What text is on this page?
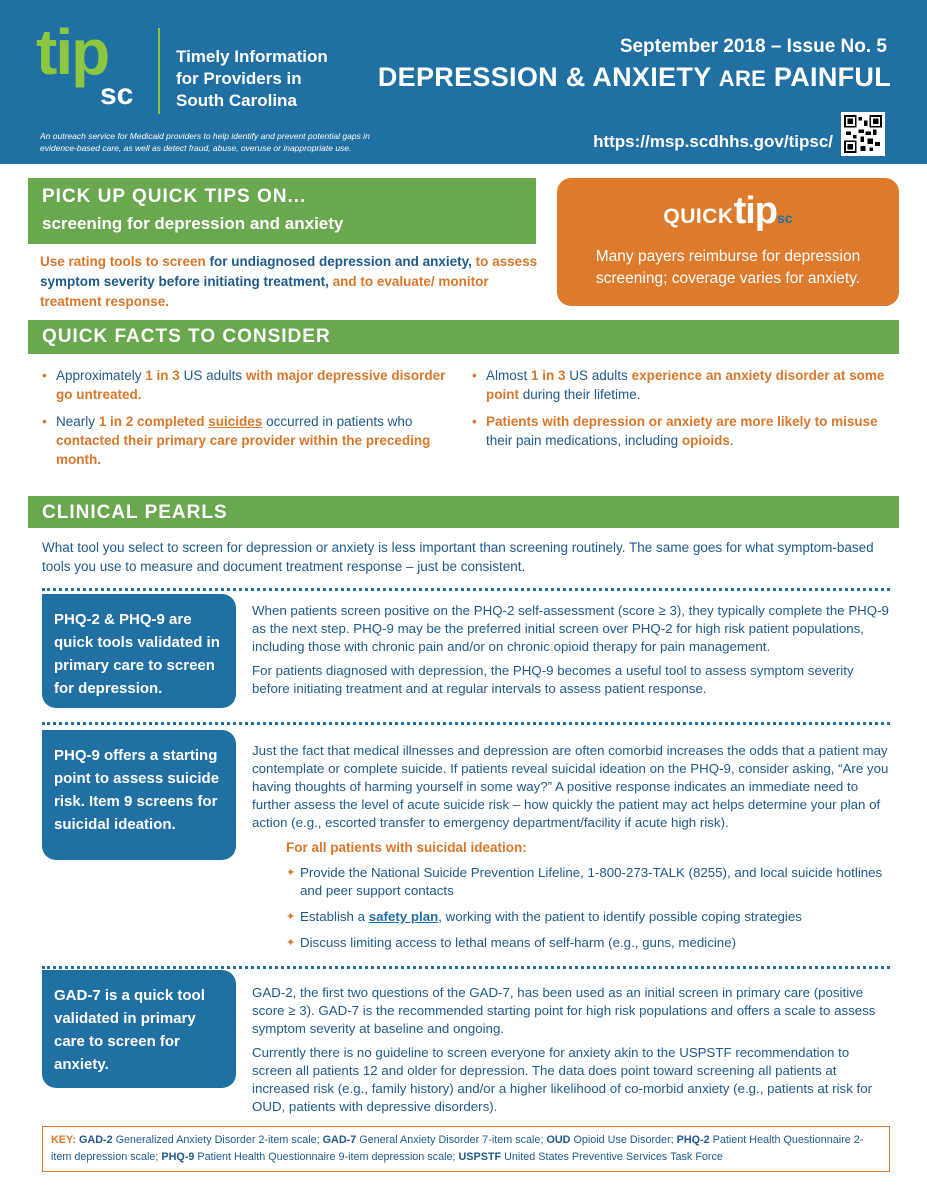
tip
sc
Timely Information
for Providers in
South Carolina
An outreach service for Medicaid providers to help identify and prevent potential gaps in evidence-based care, as well as detect fraud, abuse, overuse or inappropriate use.
September 2018 – Issue No. 5
DEPRESSION & ANXIETY ARE PAINFUL
https://msp.scdhhs.gov/tipsc/
PICK UP QUICK TIPS ON...
screening for depression and anxiety
Use rating tools to screen for undiagnosed depression and anxiety, to assess symptom severity before initiating treatment, and to evaluate/ monitor treatment response.
QUICKtipsc
Many payers reimburse for depression screening; coverage varies for anxiety.
QUICK FACTS TO CONSIDER
• Approximately 1 in 3 US adults with major depressive disorder go untreated.
• Nearly 1 in 2 completed suicides occurred in patients who contacted their primary care provider within the preceding month.
• Almost 1 in 3 US adults experience an anxiety disorder at some point during their lifetime.
• Patients with depression or anxiety are more likely to misuse their pain medications, including opioids.
CLINICAL PEARLS
What tool you select to screen for depression or anxiety is less important than screening routinely. The same goes for what symptom-based tools you use to measure and document treatment response – just be consistent.
PHQ-2 & PHQ-9 are quick tools validated in primary care to screen for depression.

When patients screen positive on the PHQ-2 self-assessment (score ≥ 3), they typically complete the PHQ-9 as the next step. PHQ-9 may be the preferred initial screen over PHQ-2 for high risk patient populations, including those with chronic pain and/or on chronic opioid therapy for pain management.

For patients diagnosed with depression, the PHQ-9 becomes a useful tool to assess symptom severity before initiating treatment and at regular intervals to assess patient response.

PHQ-9 offers a starting point to assess suicide risk. Item 9 screens for suicidal ideation.

Just the fact that medical illnesses and depression are often comorbid increases the odds that a patient may contemplate or complete suicide. If patients reveal suicidal ideation on the PHQ-9, consider asking, “Are you having thoughts of harming yourself in some way?” A positive response indicates an immediate need to further assess the level of acute suicide risk – how quickly the patient may act helps determine your plan of action (e.g., escorted transfer to emergency department/facility if acute high risk).

For all patients with suicidal ideation:
✦ Provide the National Suicide Prevention Lifeline, 1-800-273-TALK (8255), and local suicide hotlines and peer support contacts
✦ Establish a safety plan, working with the patient to identify possible coping strategies
✦ Discuss limiting access to lethal means of self-harm (e.g., guns, medicine)
GAD-7 is a quick tool validated in primary care to screen for anxiety.

GAD-2, the first two questions of the GAD-7, has been used as an initial screen in primary care (positive score ≥ 3). GAD-7 is the recommended starting point for high risk populations and offers a scale to assess symptom severity at baseline and ongoing.

Currently there is no guideline to screen everyone for anxiety akin to the USPSTF recommendation to screen all patients 12 and older for depression. The data does point toward screening all patients at increased risk (e.g., family history) and/or a higher likelihood of co-morbid anxiety (e.g., patients at risk for OUD, patients with depressive disorders).

KEY: GAD-2 Generalized Anxiety Disorder 2-item scale; GAD-7 General Anxiety Disorder 7-item scale; OUD Opioid Use Disorder; PHQ-2 Patient Health Questionnaire 2-item depression scale; PHQ-9 Patient Health Questionnaire 9-item depression scale; USPSTF United States Preventive Services Task Force
